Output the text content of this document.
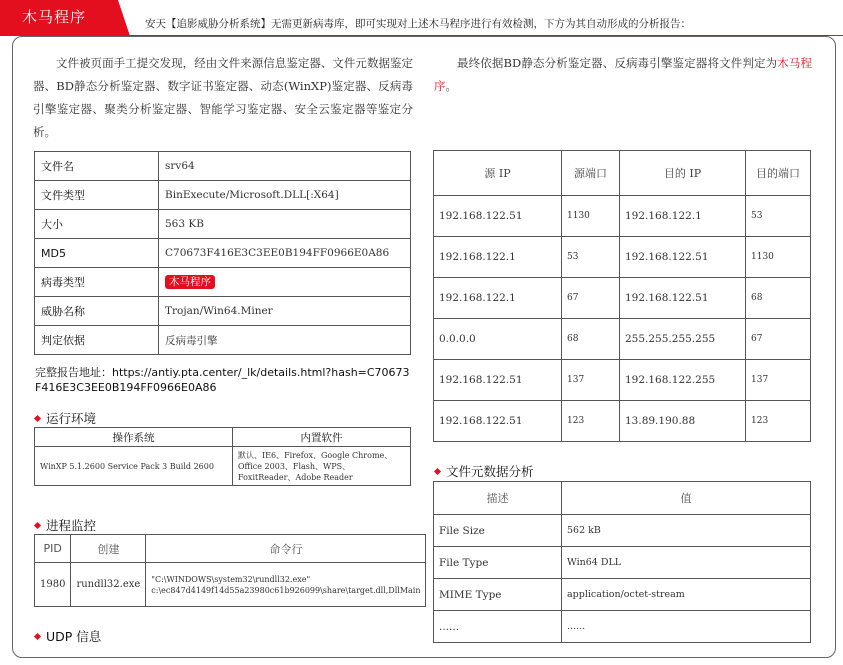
木马程序	安天【追影威胁分析系统】无需更新病毒库，即可实现对上述木马程序进行有效检测，下方为其自动形成的分析报告：
文件被页面手工提交发现，经由文件来源信息鉴定器、文件元数据鉴定器、BD静态分析鉴定器、数字证书鉴定器、动态(WinXP)鉴定器、反病毒引擎鉴定器、聚类分析鉴定器、智能学习鉴定器、安全云鉴定器等鉴定分析。
最终依据BD静态分析鉴定器、反病毒引擎鉴定器将文件判定为木马程序。
文件名	srv64
文件类型	BinExecute/Microsoft.DLL[:X64]
大小	563 KB
MD5	C70673F416E3C3EE0B194FF0966E0A86
病毒类型	木马程序
威胁名称	Trojan/Win64.Miner
判定依据	反病毒引擎
完整报告地址：https://antiy.pta.center/_lk/details.html?hash=C70673F416E3C3EE0B194FF0966E0A86
运行环境
操作系统	内置软件
WinXP 5.1.2600 Service Pack 3 Build 2600	默认、IE6、Firefox、Google Chrome、Office 2003、Flash、WPS、FoxitReader、Adobe Reader
进程监控
PID	创建	命令行
1980	rundll32.exe	"C:\WINDOWS\system32\rundll32.exe" c:\ec847d4149f14d55a23980c61b926099\share\target.dll,DllMain
UDP 信息
源 IP	源端口	目的 IP	目的端口
192.168.122.51	1130	192.168.122.1	53
192.168.122.1	53	192.168.122.51	1130
192.168.122.1	67	192.168.122.51	68
0.0.0.0	68	255.255.255.255	67
192.168.122.51	137	192.168.122.255	137
192.168.122.51	123	13.89.190.88	123
文件元数据分析
描述	值
File Size	562 kB
File Type	Win64 DLL
MIME Type	application/octet-stream
......	......
